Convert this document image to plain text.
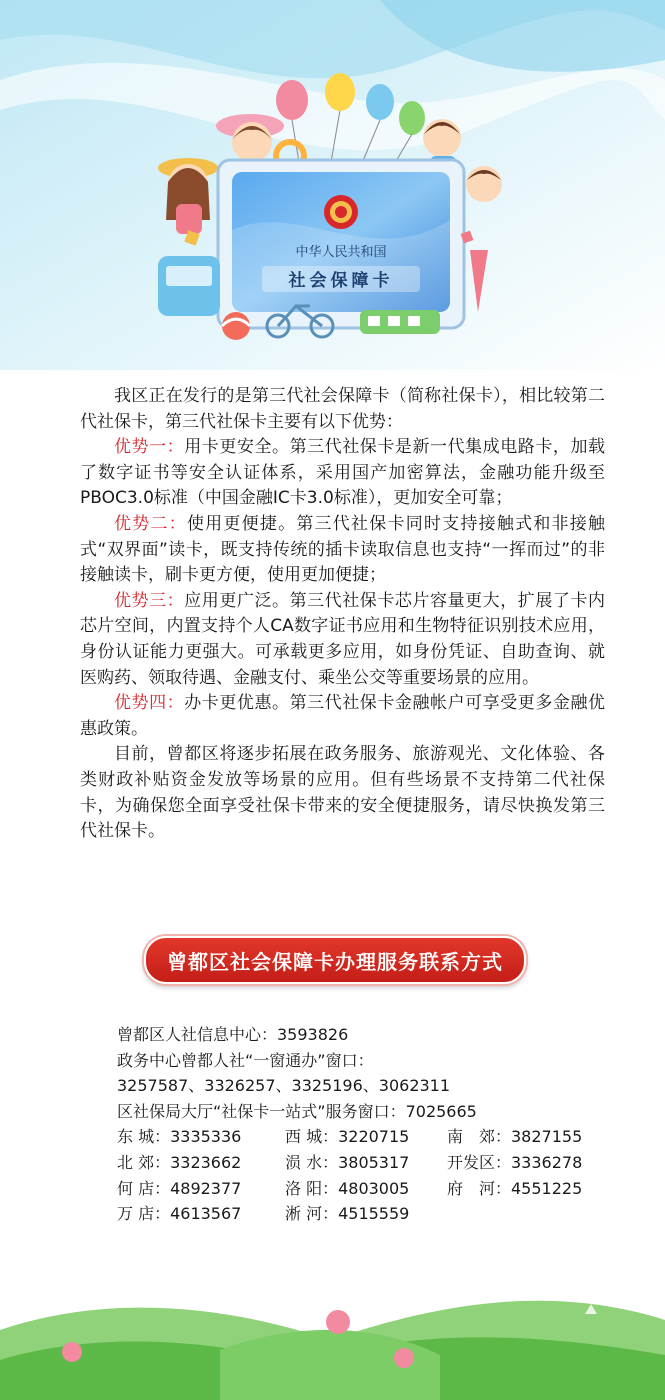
中华人民共和国
社会保障卡

我区正在发行的是第三代社会保障卡（简称社保卡），相比较第二代社保卡，第三代社保卡主要有以下优势：

优势一：用卡更安全。第三代社保卡是新一代集成电路卡，加载了数字证书等安全认证体系，采用国产加密算法，金融功能升级至PBOC3.0标准（中国金融IC卡3.0标准），更加安全可靠；

优势二：使用更便捷。第三代社保卡同时支持接触式和非接触式“双界面”读卡，既支持传统的插卡读取信息也支持“一挥而过”的非接触读卡，刷卡更方便，使用更加便捷；

优势三：应用更广泛。第三代社保卡芯片容量更大，扩展了卡内芯片空间，内置支持个人CA数字证书应用和生物特征识别技术应用，身份认证能力更强大。可承载更多应用，如身份凭证、自助查询、就医购药、领取待遇、金融支付、乘坐公交等重要场景的应用。

优势四：办卡更优惠。第三代社保卡金融帐户可享受更多金融优惠政策。

目前，曾都区将逐步拓展在政务服务、旅游观光、文化体验、各类财政补贴资金发放等场景的应用。但有些场景不支持第二代社保卡，为确保您全面享受社保卡带来的安全便捷服务，请尽快换发第三代社保卡。

曾都区社会保障卡办理服务联系方式
曾都区人社信息中心：3593826
政务中心曾都人社“一窗通办”窗口：
3257587、3326257、3325196、3062311
区社保局大厅“社保卡一站式”服务窗口：7025665
东 城：3335336	西 城：3220715	南　郊：3827155
北 郊：3323662	涢 水：3805317	开发区：3336278
何 店：4892377	洛 阳：4803005	府　河：4551225
万 店：4613567	淅 河：4515559
